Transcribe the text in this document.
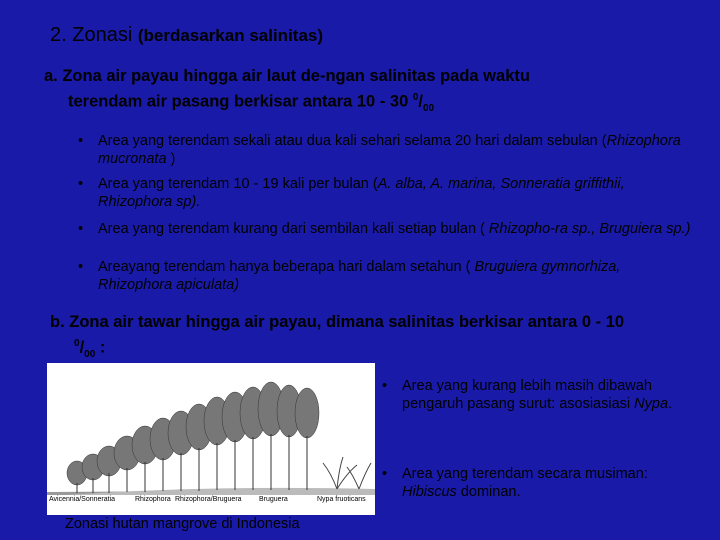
2. Zonasi (berdasarkan salinitas)
a. Zona air payau hingga air laut de-ngan salinitas pada waktu
terendam air pasang berkisar antara 10 - 30 $^0/_{00}$
•	Area yang terendam sekali atau dua kali sehari selama 20 hari dalam sebulan (Rhizophora mucronata )
•	Area yang terendam 10 - 19 kali per bulan (A. alba, A. marina, Sonneratia griffithii, Rhizophora sp).
•	Area yang terendam kurang dari sembilan kali setiap bulan ( Rhizopho-ra sp., Bruguiera sp.)
•	Areayang terendam hanya beberapa hari dalam setahun ( Bruguiera gymnorhiza, Rhizophora apiculata)
b. Zona air tawar hingga air payau, dimana salinitas berkisar antara 0 - 10
$^0/_{00}$ :
Avicennia/Sonneratia	Rhizophora Rhizophora/Bruguera Bruguera	Nypa fruoticans
Zonasi hutan mangrove di Indonesia
•	Area yang kurang lebih masih dibawah pengaruh pasang surut: asosiasiasi Nypa.
•	Area yang terendam secara musiman: Hibiscus dominan.
